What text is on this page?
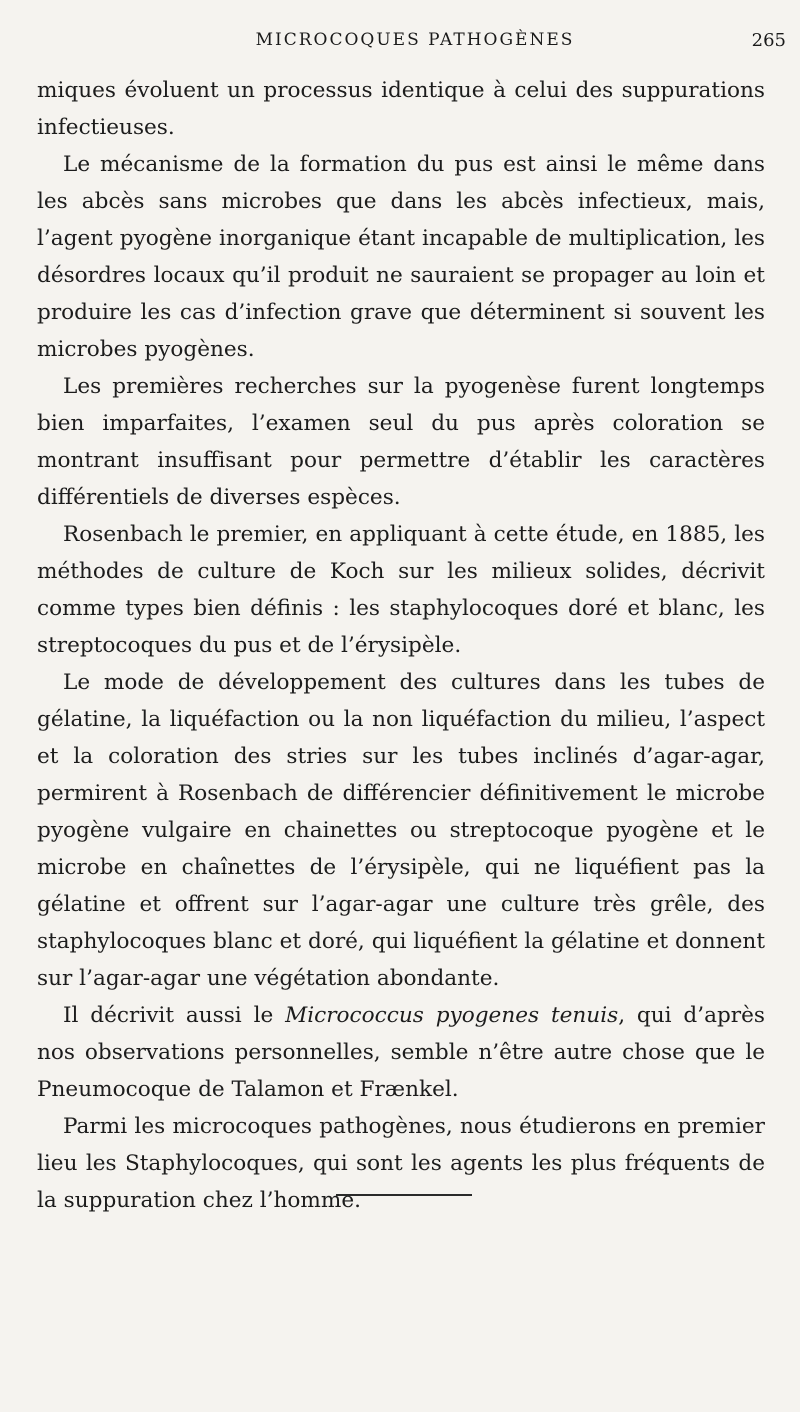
MICROCOQUES PATHOGÈNES	265

miques évoluent un processus identique à celui des suppurations infectieuses.

Le mécanisme de la formation du pus est ainsi le même dans les abcès sans microbes que dans les abcès infectieux, mais, l’agent pyogène inorganique étant incapable de multiplication, les désordres locaux qu’il produit ne sauraient se propager au loin et produire les cas d’infection grave que déterminent si souvent les microbes pyogènes.

Les premières recherches sur la pyogenèse furent longtemps bien imparfaites, l’examen seul du pus après coloration se montrant insuffisant pour permettre d’établir les caractères différentiels de diverses espèces.

Rosenbach le premier, en appliquant à cette étude, en 1885, les méthodes de culture de Koch sur les milieux solides, décrivit comme types bien définis : les staphylocoques doré et blanc, les streptocoques du pus et de l’érysipèle.

Le mode de développement des cultures dans les tubes de gélatine, la liquéfaction ou la non liquéfaction du milieu, l’aspect et la coloration des stries sur les tubes inclinés d’agar-agar, permirent à Rosenbach de différencier définitivement le microbe pyogène vulgaire en chainettes ou streptocoque pyogène et le microbe en chaînettes de l’érysipèle, qui ne liquéfient pas la gélatine et offrent sur l’agar-agar une culture très grêle, des staphylocoques blanc et doré, qui liquéfient la gélatine et donnent sur l’agar-agar une végétation abondante.

Il décrivit aussi le Micrococcus pyogenes tenuis, qui d’après nos observations personnelles, semble n’être autre chose que le Pneumocoque de Talamon et Frænkel.

Parmi les microcoques pathogènes, nous étudierons en premier lieu les Staphylocoques, qui sont les agents les plus fréquents de la suppuration chez l’homme.
